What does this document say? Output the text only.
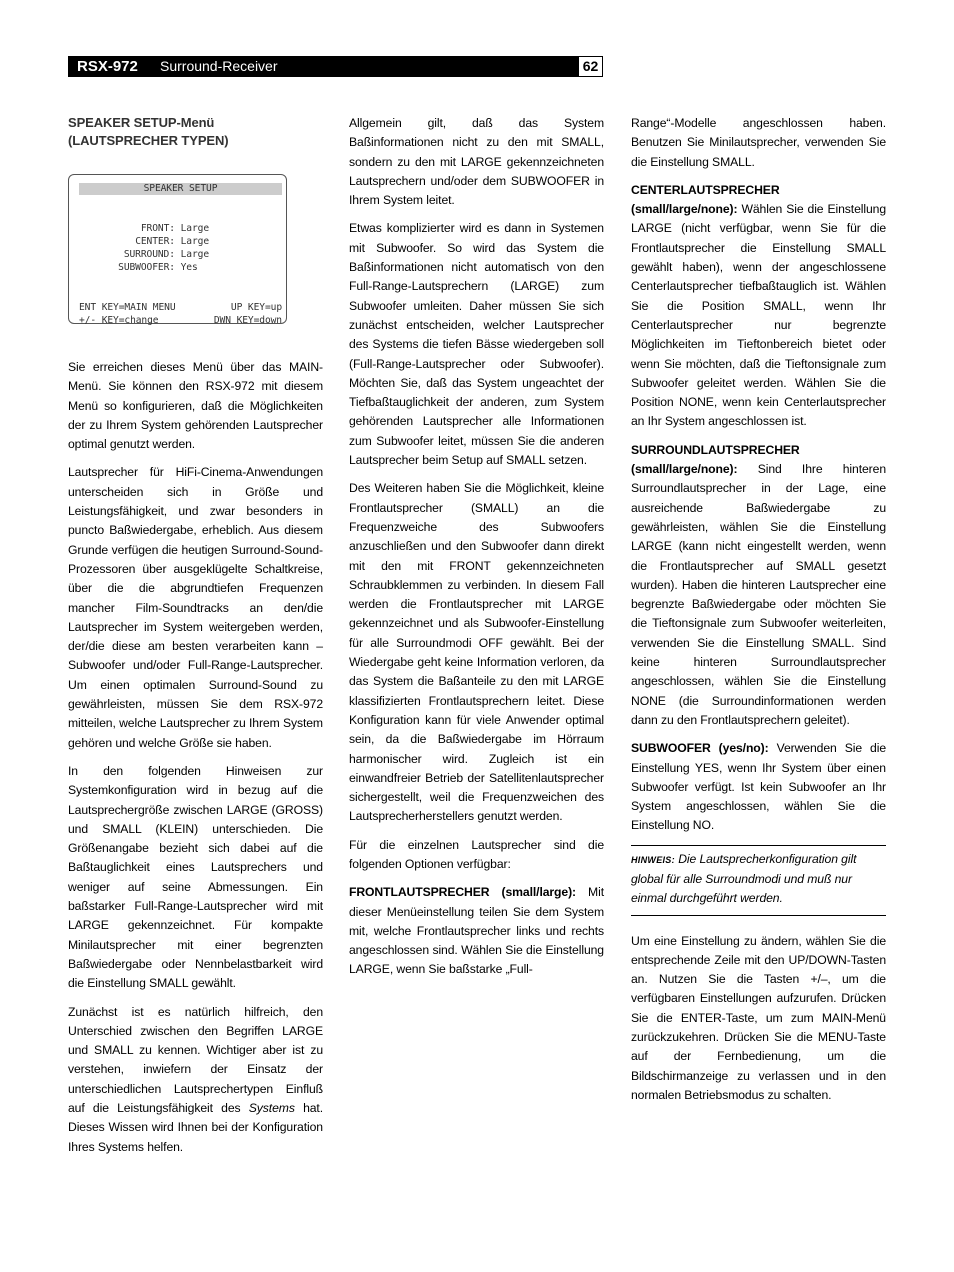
RSX-972 Surround-Receiver	62
SPEAKER SETUP-Menü
(LAUTSPRECHER TYPEN)
SPEAKER SETUP
FRONT: Large
CENTER: Large
SURROUND: Large
SUBWOOFER: Yes
ENT KEY=MAIN MENU	UP KEY=up
+/- KEY=change	DWN KEY=down

Sie erreichen dieses Menü über das MAIN-Menü. Sie können den RSX-972 mit diesem Menü so konfigurieren, daß die Möglichkeiten der zu Ihrem System gehörenden Lautsprecher optimal genutzt werden.

Lautsprecher für HiFi-Cinema-Anwendungen unterscheiden sich in Größe und Leistungsfähigkeit, und zwar besonders in puncto Baßwiedergabe, erheblich. Aus diesem Grunde verfügen die heutigen Surround-Sound-Prozessoren über ausgeklügelte Schaltkreise, über die die abgrundtiefen Frequenzen mancher Film-Soundtracks an den/die Lautsprecher im System weitergeben werden, der/die diese am besten verarbeiten kann – Subwoofer und/oder Full-Range-Lautsprecher. Um einen optimalen Surround-Sound zu gewährleisten, müssen Sie dem RSX-972 mitteilen, welche Lautsprecher zu Ihrem System gehören und welche Größe sie haben.

In den folgenden Hinweisen zur Systemkonfiguration wird in bezug auf die Lautsprechergröße zwischen LARGE (GROSS) und SMALL (KLEIN) unterschieden. Die Größenangabe bezieht sich dabei auf die Baßtauglichkeit eines Lautsprechers und weniger auf seine Abmessungen. Ein baßstarker Full-Range-Lautsprecher wird mit LARGE gekennzeichnet. Für kompakte Minilautsprecher mit einer begrenzten Baßwiedergabe oder Nennbelastbarkeit wird die Einstellung SMALL gewählt.

Zunächst ist es natürlich hilfreich, den Unterschied zwischen den Begriffen LARGE und SMALL zu kennen. Wichtiger aber ist zu verstehen, inwiefern der Einsatz der unterschiedlichen Lautsprechertypen Einfluß auf die Leistungsfähigkeit des Systems hat. Dieses Wissen wird Ihnen bei der Konfiguration Ihres Systems helfen.

Allgemein gilt, daß das System Baßinformationen nicht zu den mit SMALL, sondern zu den mit LARGE gekennzeichneten Lautsprechern und/oder dem SUBWOOFER in Ihrem System leitet.

Etwas komplizierter wird es dann in Systemen mit Subwoofer. So wird das System die Baßinformationen nicht automatisch von den Full-Range-Lautsprechern (LARGE) zum Subwoofer umleiten. Daher müssen Sie sich zunächst entscheiden, welcher Lautsprecher des Systems die tiefen Bässe wiedergeben soll (Full-Range-Lautsprecher oder Subwoofer). Möchten Sie, daß das System ungeachtet der Tiefbaßtauglichkeit der anderen, zum System gehörenden Lautsprecher alle Informationen zum Subwoofer leitet, müssen Sie die anderen Lautsprecher beim Setup auf SMALL setzen.

Des Weiteren haben Sie die Möglichkeit, kleine Frontlautsprecher (SMALL) an die Frequenzweiche des Subwoofers anzuschließen und den Subwoofer dann direkt mit den mit FRONT gekennzeichneten Schraubklemmen zu verbinden. In diesem Fall werden die Frontlautsprecher mit LARGE gekennzeichnet und als Subwoofer-Einstellung für alle Surroundmodi OFF gewählt. Bei der Wiedergabe geht keine Information verloren, da das System die Baßanteile zu den mit LARGE klassifizierten Frontlautsprechern leitet. Diese Konfiguration kann für viele Anwender optimal sein, da die Baßwiedergabe im Hörraum harmonischer wird. Zugleich ist ein einwandfreier Betrieb der Satellitenlautsprecher sichergestellt, weil die Frequenzweichen des Lautsprecherherstellers genutzt werden.

Für die einzelnen Lautsprecher sind die folgenden Optionen verfügbar:

FRONTLAUTSPRECHER (small/large): Mit dieser Menüeinstellung teilen Sie dem System mit, welche Frontlautsprecher links und rechts angeschlossen sind. Wählen Sie die Einstellung LARGE, wenn Sie baßstarke „Full-

Range“-Modelle angeschlossen haben. Benutzen Sie Minilautsprecher, verwenden Sie die Einstellung SMALL.

CENTERLAUTSPRECHER (small/large/none): Wählen Sie die Einstellung LARGE (nicht verfügbar, wenn Sie für die Frontlautsprecher die Einstellung SMALL gewählt haben), wenn der angeschlossene Centerlautsprecher tiefbaßtauglich ist. Wählen Sie die Position SMALL, wenn Ihr Centerlautsprecher nur begrenzte Möglichkeiten im Tieftonbereich bietet oder wenn Sie möchten, daß die Tieftonsignale zum Subwoofer geleitet werden. Wählen Sie die Position NONE, wenn kein Centerlautsprecher an Ihr System angeschlossen ist.

SURROUNDLAUTSPRECHER (small/large/none): Sind Ihre hinteren Surroundlautsprecher in der Lage, eine ausreichende Baßwiedergabe zu gewährleisten, wählen Sie die Einstellung LARGE (kann nicht eingestellt werden, wenn die Frontlautsprecher auf SMALL gesetzt wurden). Haben die hinteren Lautsprecher eine begrenzte Baßwiedergabe oder möchten Sie die Tieftonsignale zum Subwoofer weiterleiten, verwenden Sie die Einstellung SMALL. Sind keine hinteren Surroundlautsprecher angeschlossen, wählen Sie die Einstellung NONE (die Surroundinformationen werden dann zu den Frontlautsprechern geleitet).

SUBWOOFER (yes/no): Verwenden Sie die Einstellung YES, wenn Ihr System über einen Subwoofer verfügt. Ist kein Subwoofer an Ihr System angeschlossen, wählen Sie die Einstellung NO.

HINWEIS: Die Lautsprecherkonfiguration gilt global für alle Surroundmodi und muß nur einmal durchgeführt werden.

Um eine Einstellung zu ändern, wählen Sie die entsprechende Zeile mit den UP/DOWN-Tasten an. Nutzen Sie die Tasten +/–, um die verfügbaren Einstellungen aufzurufen. Drücken Sie die ENTER-Taste, um zum MAIN-Menü zurückzukehren. Drücken Sie die MENU-Taste auf der Fernbedienung, um die Bildschirmanzeige zu verlassen und in den normalen Betriebsmodus zu schalten.
